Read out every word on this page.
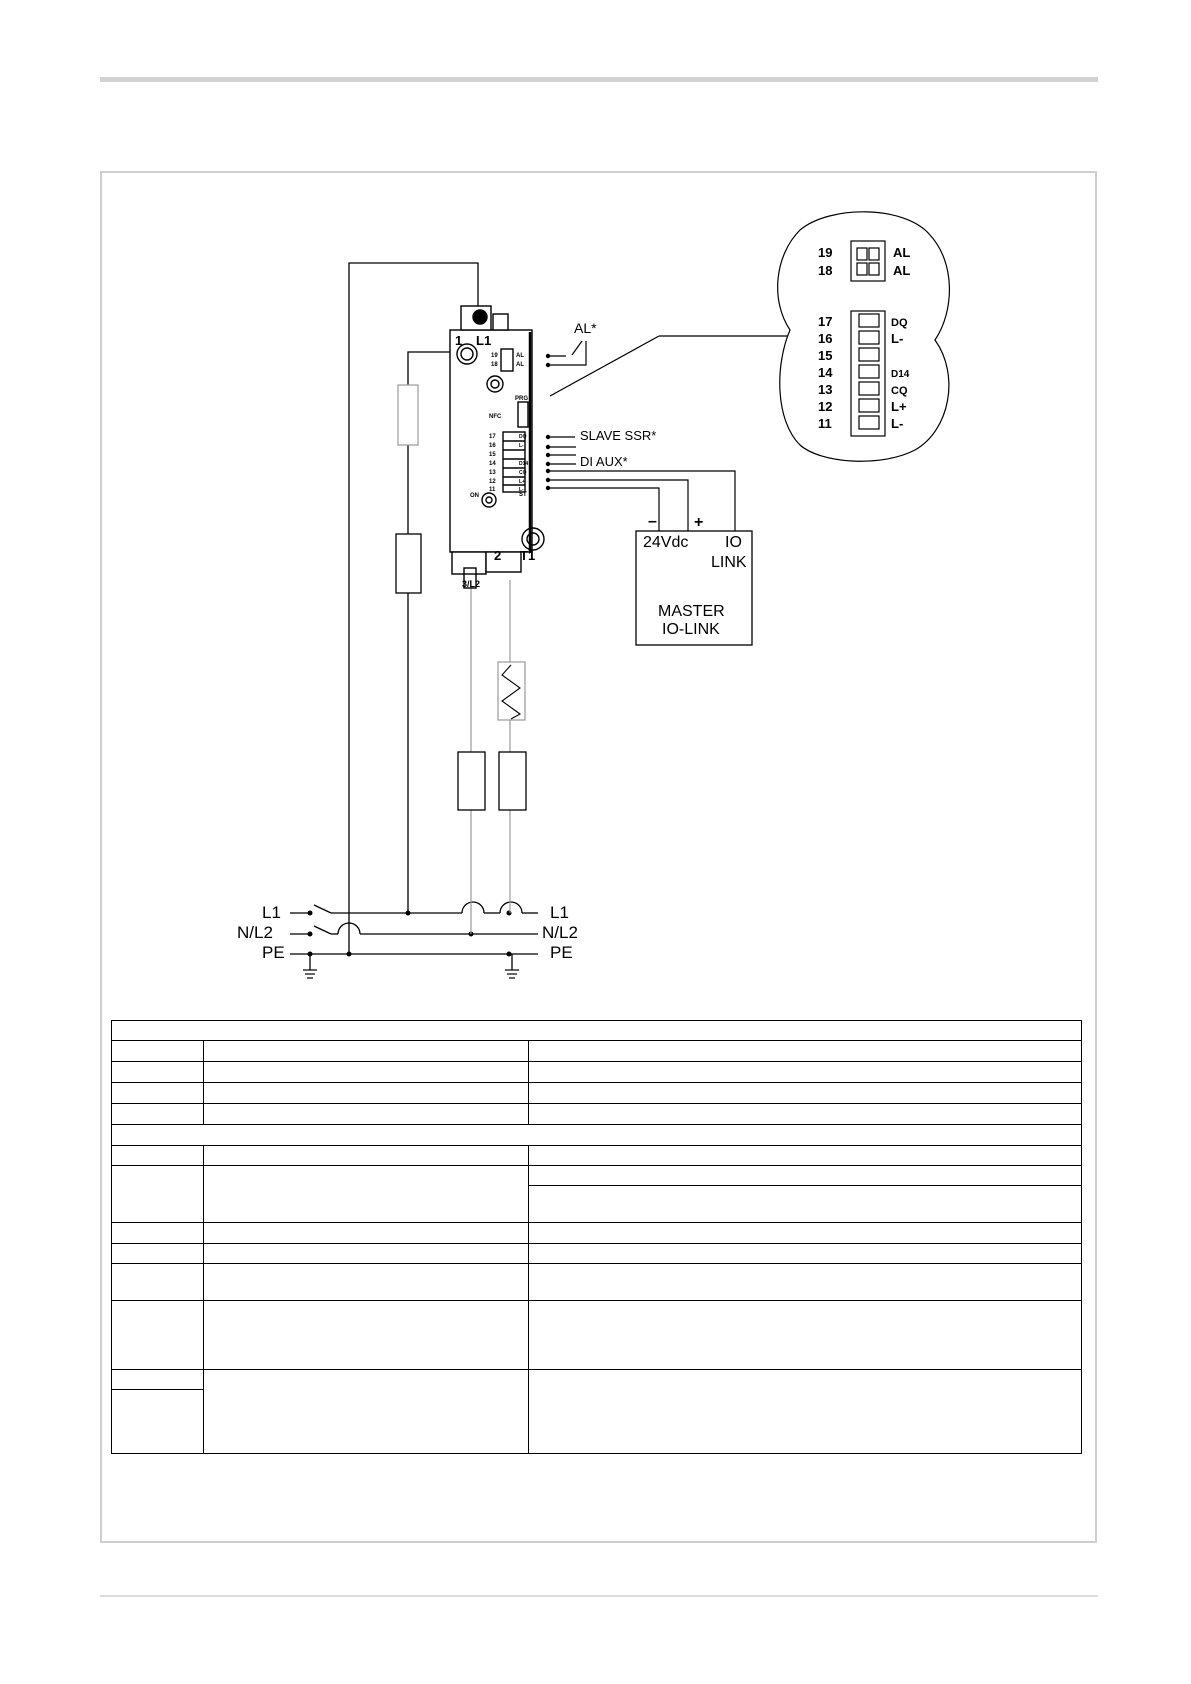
L1
N/L2
PE
L1
N/L2
PE
1 L1
2 T1
3/L2
19
18
AL
AL
PRG
NFC
ON	ST
17
16
15
14
13
12
11
DQ
L-
D14
CQ
L+
L-
AL*
SLAVE SSR*
DI AUX*
– +
24Vdc IO
LINK
MASTER
IO-LINK
19
18
AL
AL
17
16
15
14
13
12
11
DQ
L-
D14
CQ
L+
L-
